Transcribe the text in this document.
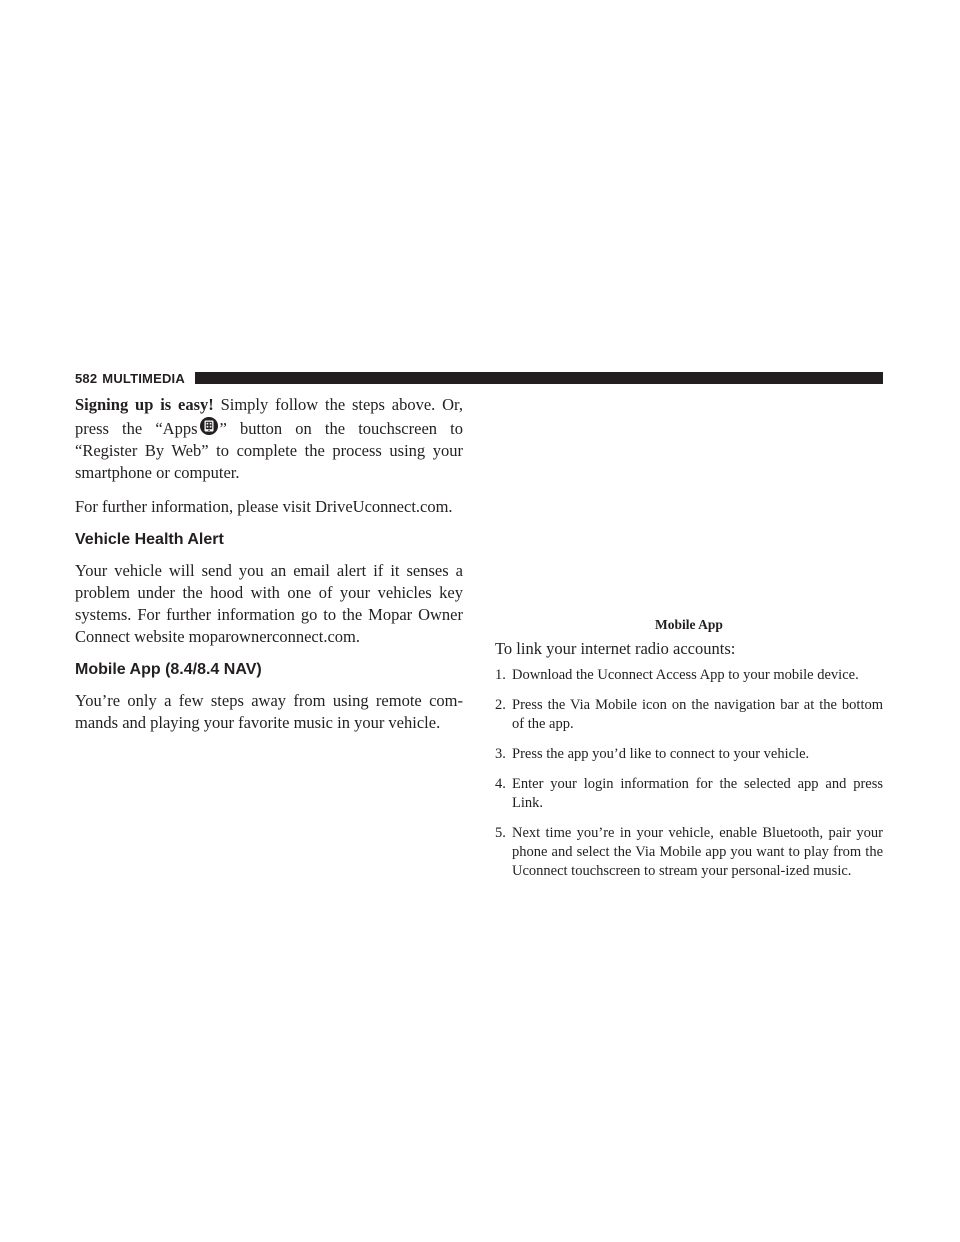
582 MULTIMEDIA

Signing up is easy! Simply follow the steps above. Or, press the “Apps ” button on the touchscreen to “Register By Web” to complete the process using your smartphone or computer.

For further information, please visit DriveUconnect.com.

Vehicle Health Alert

Your vehicle will send you an email alert if it senses a problem under the hood with one of your vehicles key systems. For further information go to the Mopar Owner Connect website moparownerconnect.com.

Mobile App (8.4/8.4 NAV)

You’re only a few steps away from using remote com-mands and playing your favorite music in your vehicle.

Mobile App

To link your internet radio accounts:

1. Download the Uconnect Access App to your mobile device.
2. Press the Via Mobile icon on the navigation bar at the bottom of the app.
3. Press the app you’d like to connect to your vehicle.
4. Enter your login information for the selected app and press Link.
5. Next time you’re in your vehicle, enable Bluetooth, pair your phone and select the Via Mobile app you want to play from the Uconnect touchscreen to stream your personal-ized music.
